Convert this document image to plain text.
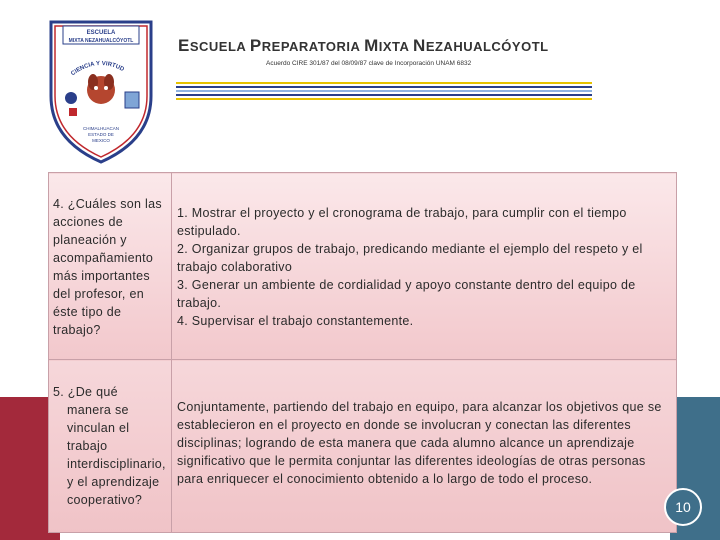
ESCUELA
MIXTA NEZAHUALCÓYOTL
CIENCIA Y VIRTUD
CHIMALHUACAN
ESTADO DE
MEXICO
ESCUELA PREPARATORIA MIXTA NEZAHUALCÓYOTL
Acuerdo CIRE 301/87 del 08/09/87 clave de Incorporación UNAM 6832
4. ¿Cuáles son las acciones de planeación y acompañamiento más importantes del profesor, en éste tipo de trabajo?	1. Mostrar el proyecto y el cronograma de trabajo, para cumplir con el tiempo estipulado.
2. Organizar grupos de trabajo, predicando mediante el ejemplo del respeto y el trabajo colaborativo
3. Generar un ambiente de cordialidad y apoyo constante dentro del equipo de trabajo.
4. Supervisar el trabajo constantemente.

5. ¿De qué
manera se vinculan el trabajo interdisciplinario, y el aprendizaje cooperativo?	Conjuntamente, partiendo del trabajo en equipo, para alcanzar los objetivos que se establecieron en el proyecto en donde se involucran y conectan las diferentes disciplinas; logrando de esta manera que cada alumno alcance un aprendizaje significativo que le permita conjuntar las diferentes ideologías de otras personas para enriquecer el conocimiento obtenido a lo largo de todo el proceso.
10
